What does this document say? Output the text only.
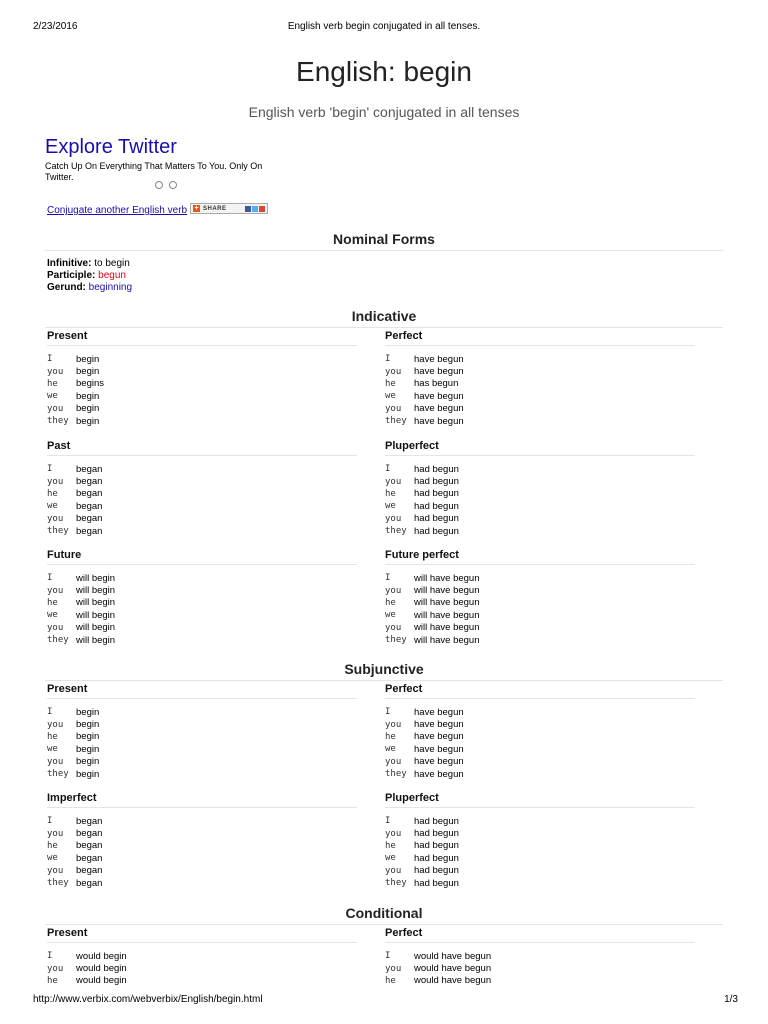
2/23/2016	English verb begin conjugated in all tenses.
English: begin
English verb 'begin' conjugated in all tenses
Explore Twitter
Catch Up On Everything That Matters To You. Only On Twitter.
Conjugate another English verb + SHARE
Nominal Forms
Infinitive: to begin
Participle: begun
Gerund: beginning
Indicative
Present
I	begin
you	begin
he	begins
we	begin
you	begin
they begin
Perfect
I	have begun
you	have begun
he	has begun
we	have begun
you	have begun
they have begun
Past
I	began
you	began
he	began
we	began
you	began
they began
Pluperfect
I	had begun
you	had begun
he	had begun
we	had begun
you	had begun
they had begun
Future
I	will begin
you	will begin
he	will begin
we	will begin
you	will begin
they will begin
Future perfect
I	will have begun
you	will have begun
he	will have begun
we	will have begun
you	will have begun
they will have begun
Subjunctive
Present
I	begin
you	begin
he	begin
we	begin
you	begin
they begin
Perfect
I	have begun
you	have begun
he	have begun
we	have begun
you	have begun
they have begun
Imperfect
I	began
you	began
he	began
we	began
you	began
they began
Pluperfect
I	had begun
you	had begun
he	had begun
we	had begun
you	had begun
they had begun
Conditional
Present
I	would begin
you	would begin
he	would begin
Perfect
I	would have begun
you	would have begun
he	would have begun
http://www.verbix.com/webverbix/English/begin.html	1/3
